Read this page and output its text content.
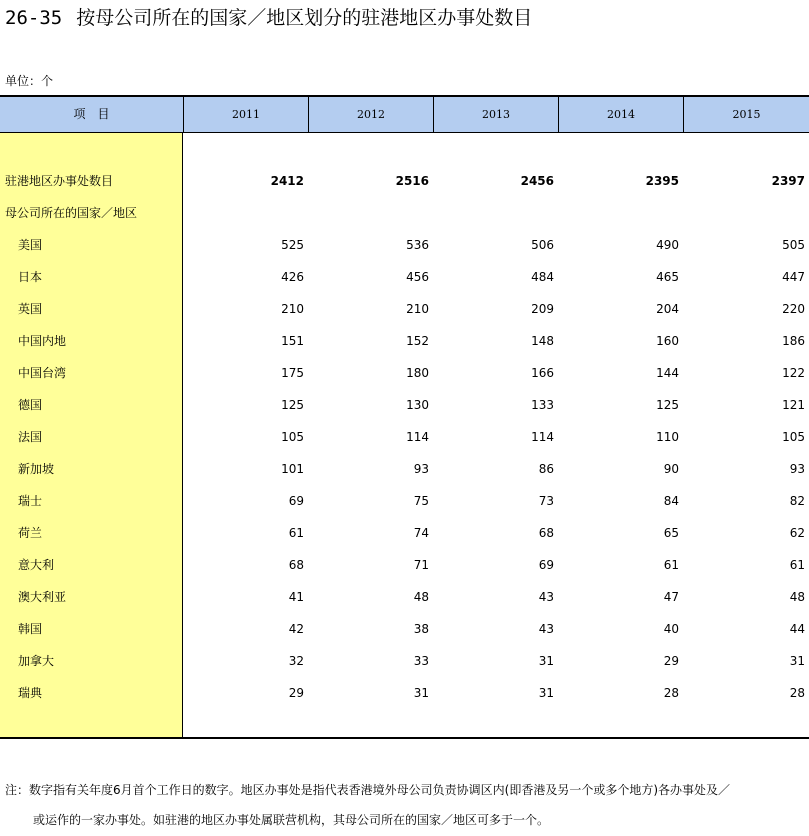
26-35 按母公司所在的国家／地区划分的驻港地区办事处数目
单位：个
项　目	2011	2012	2013	2014	2015
驻港地区办事处数目	2412	2516	2456	2395	2397
母公司所在的国家／地区
美国	525	536	506	490	505
日本	426	456	484	465	447
英国	210	210	209	204	220
中国内地	151	152	148	160	186
中国台湾	175	180	166	144	122
德国	125	130	133	125	121
法国	105	114	114	110	105
新加坡	101	93	86	90	93
瑞士	69	75	73	84	82
荷兰	61	74	68	65	62
意大利	68	71	69	61	61
澳大利亚	41	48	43	47	48
韩国	42	38	43	40	44
加拿大	32	33	31	29	31
瑞典	29	31	31	28	28
注：数字指有关年度6月首个工作日的数字。地区办事处是指代表香港境外母公司负责协调区内(即香港及另一个或多个地方)各办事处及／
或运作的一家办事处。如驻港的地区办事处属联营机构，其母公司所在的国家／地区可多于一个。
